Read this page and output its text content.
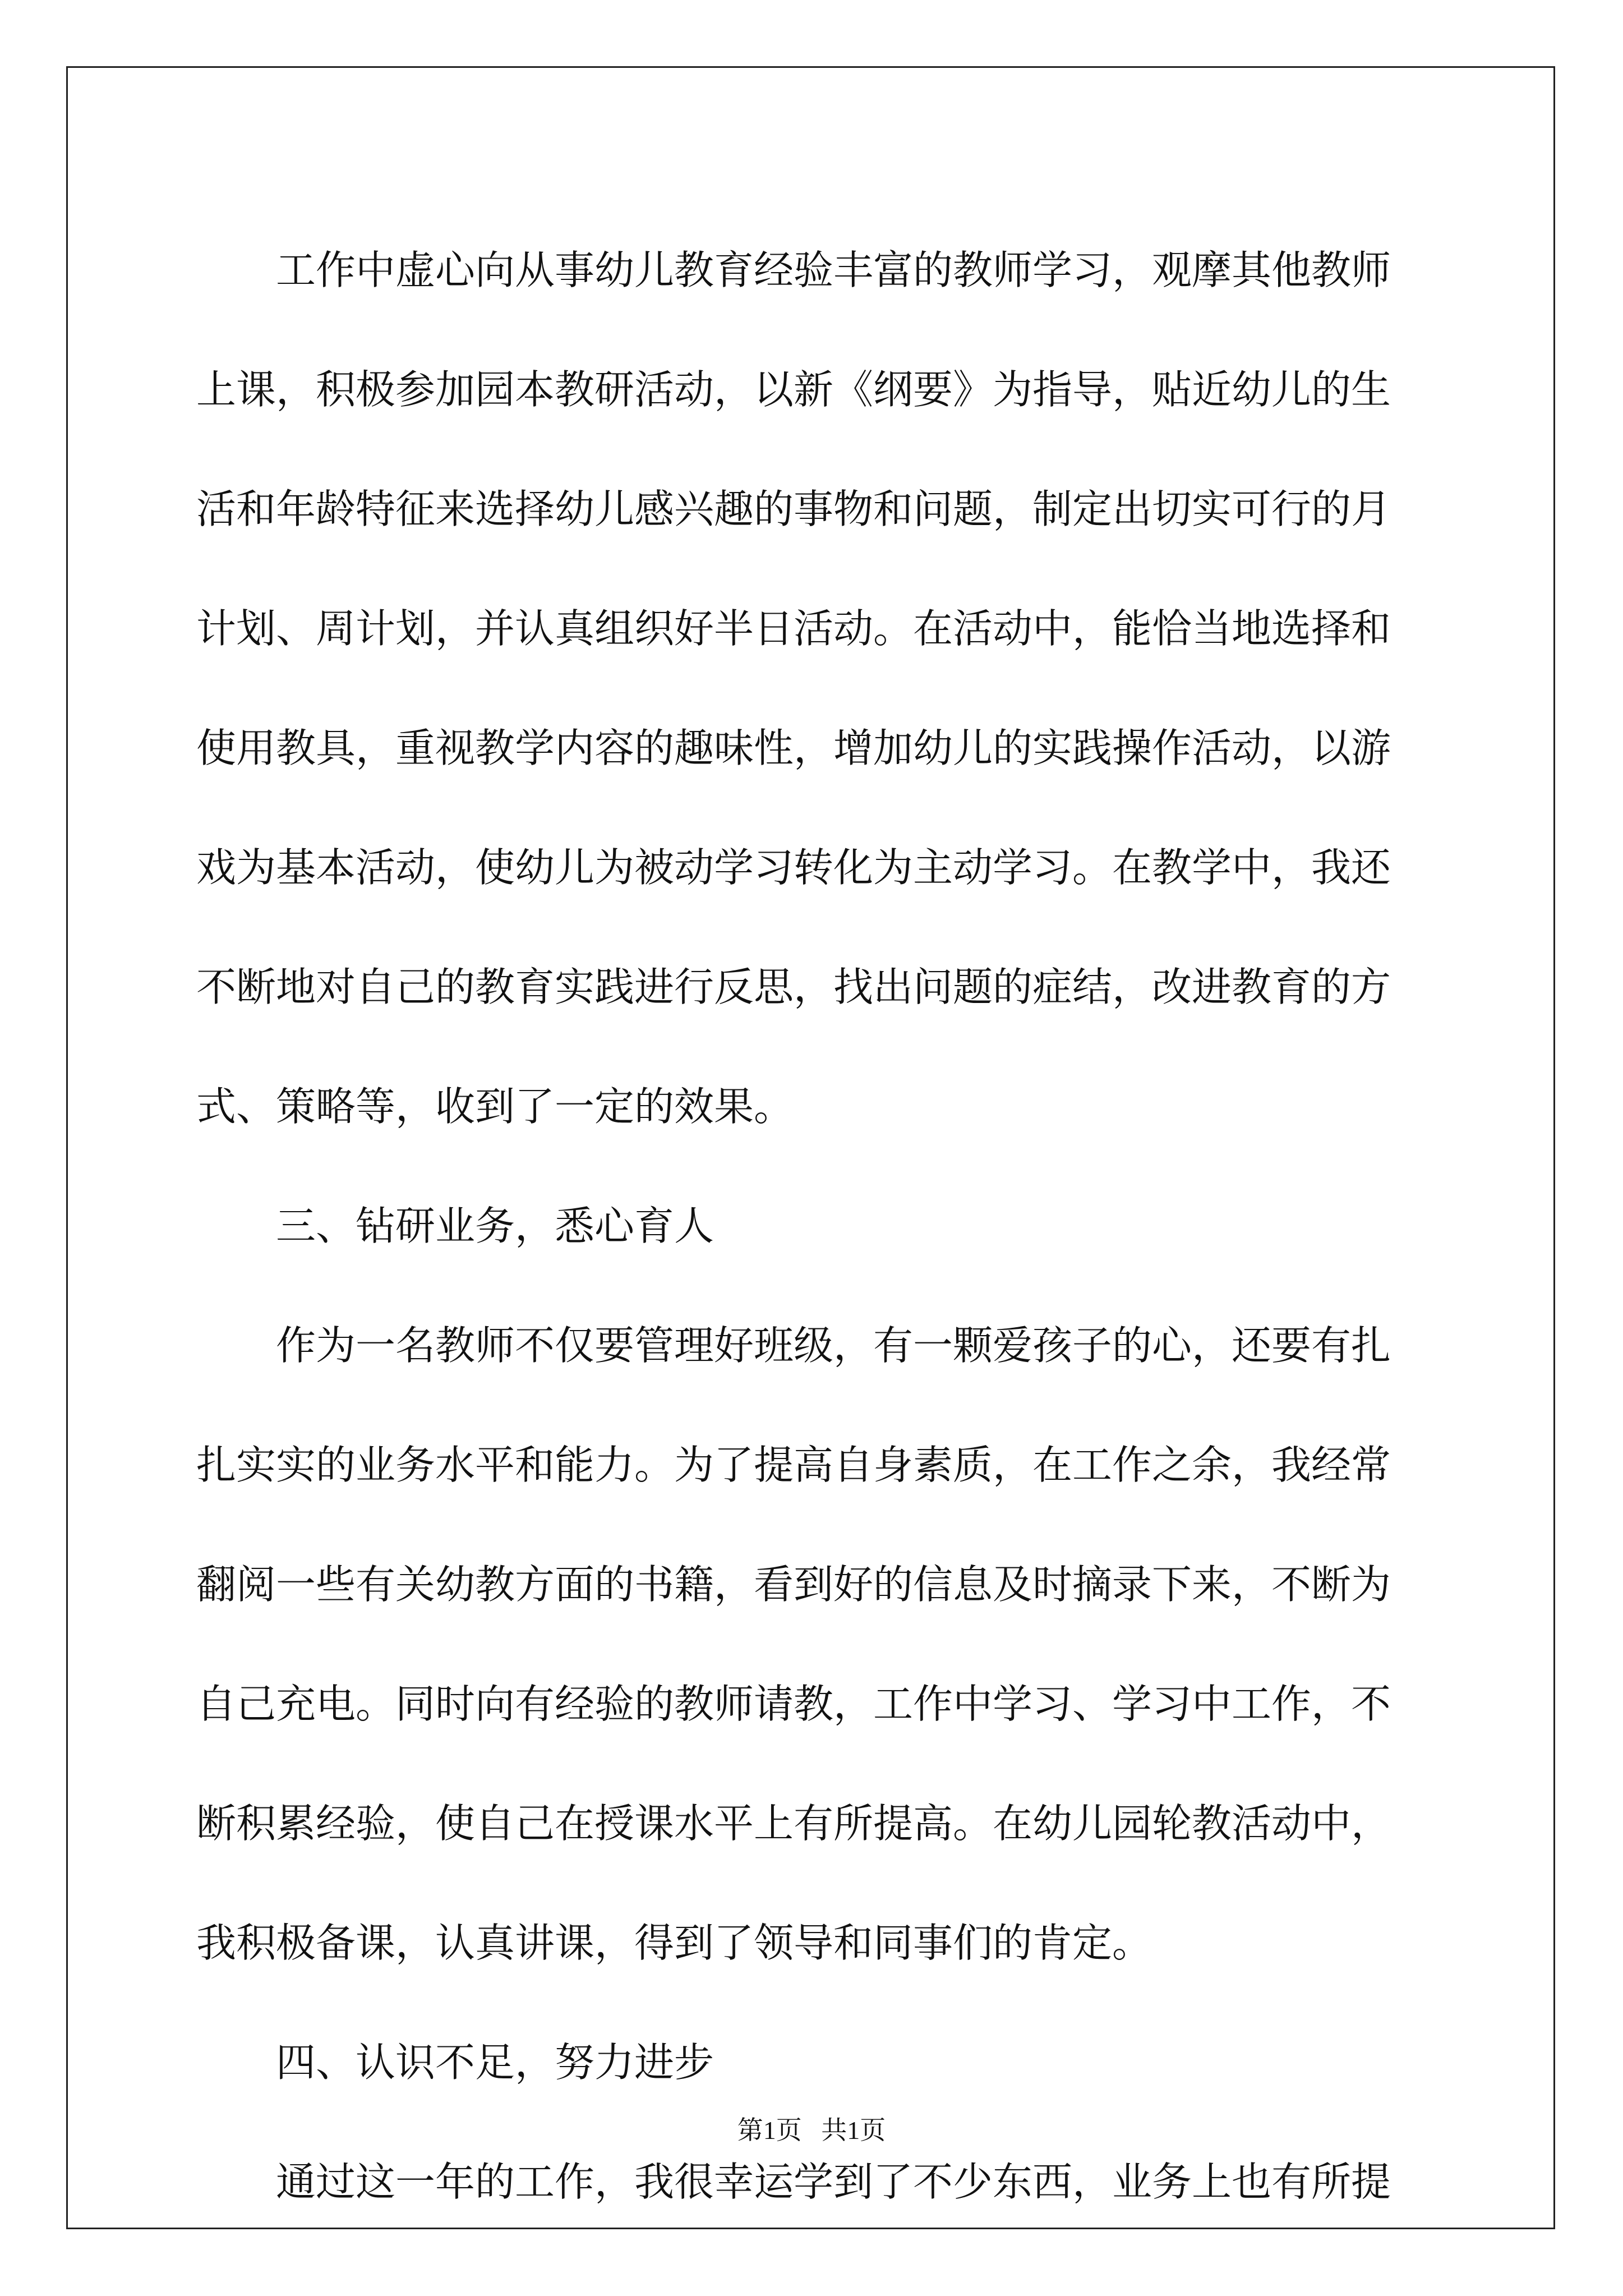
工作中虚心向从事幼儿教育经验丰富的教师学习，观摩其他教师
上课，积极参加园本教研活动，以新《纲要》为指导，贴近幼儿的生
活和年龄特征来选择幼儿感兴趣的事物和问题，制定出切实可行的月
计划、周计划，并认真组织好半日活动。在活动中，能恰当地选择和
使用教具，重视教学内容的趣味性，增加幼儿的实践操作活动，以游
戏为基本活动，使幼儿为被动学习转化为主动学习。在教学中，我还
不断地对自己的教育实践进行反思，找出问题的症结，改进教育的方
式、策略等，收到了一定的效果。
三、钻研业务，悉心育人
作为一名教师不仅要管理好班级，有一颗爱孩子的心，还要有扎
扎实实的业务水平和能力。为了提高自身素质，在工作之余，我经常
翻阅一些有关幼教方面的书籍，看到好的信息及时摘录下来，不断为
自己充电。同时向有经验的教师请教，工作中学习、学习中工作，不
断积累经验，使自己在授课水平上有所提高。在幼儿园轮教活动中，
我积极备课，认真讲课，得到了领导和同事们的肯定。
四、认识不足，努力进步
通过这一年的工作，我很幸运学到了不少东西，业务上也有所提
第1页   共1页
